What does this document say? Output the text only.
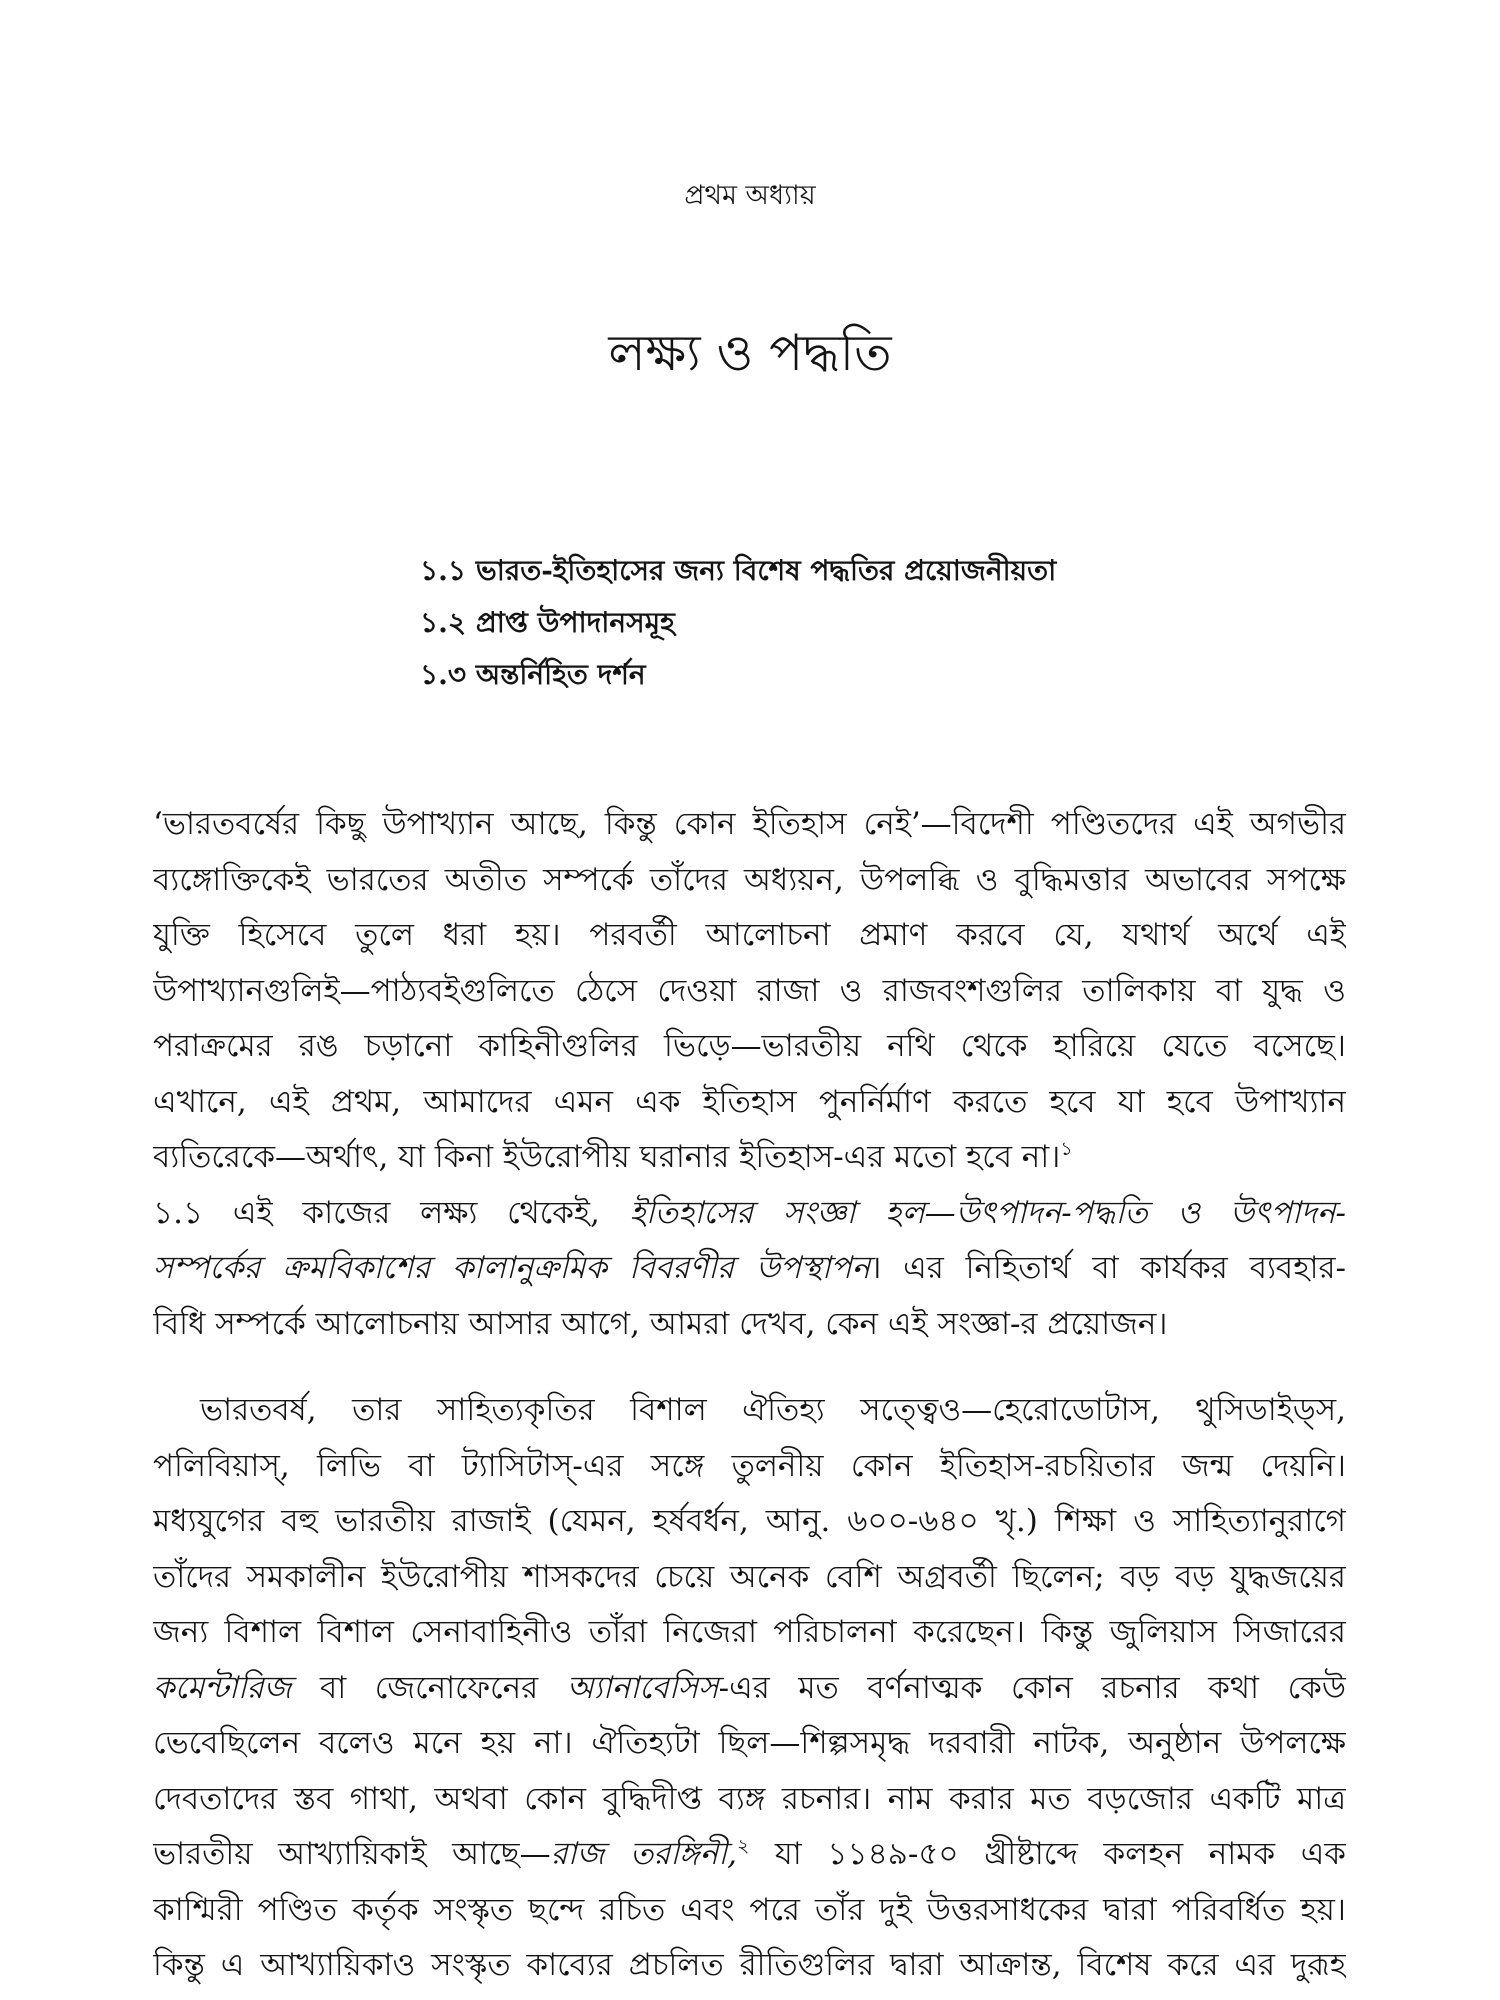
প্রথম অধ্যায়
লক্ষ্য ও পদ্ধতি
১.১ ভারত-ইতিহাসের জন্য বিশেষ পদ্ধতির প্রয়োজনীয়তা
১.২ প্রাপ্ত উপাদানসমূহ
১.৩ অন্তর্নিহিত দর্শন
‘ভারতবর্ষের কিছু উপাখ্যান আছে, কিন্তু কোন ইতিহাস নেই’—বিদেশী পণ্ডিতদের এই অগভীর
ব্যঙ্গোক্তিকেই ভারতের অতীত সম্পর্কে তাঁদের অধ্যয়ন, উপলব্ধি ও বুদ্ধিমত্তার অভাবের সপক্ষে
যুক্তি হিসেবে তুলে ধরা হয়। পরবর্তী আলোচনা প্রমাণ করবে যে, যথার্থ অর্থে এই
উপাখ্যানগুলিই—পাঠ্যবইগুলিতে ঠেসে দেওয়া রাজা ও রাজবংশগুলির তালিকায় বা যুদ্ধ ও
পরাক্রমের রঙ চড়ানো কাহিনীগুলির ভিড়ে—ভারতীয় নথি থেকে হারিয়ে যেতে বসেছে।
এখানে, এই প্রথম, আমাদের এমন এক ইতিহাস পুনর্নির্মাণ করতে হবে যা হবে উপাখ্যান
ব্যতিরেকে—অর্থাৎ, যা কিনা ইউরোপীয় ঘরানার ইতিহাস-এর মতো হবে না।$^১$
১.১ এই কাজের লক্ষ্য থেকেই, ইতিহাসের সংজ্ঞা হল—উৎপাদন-পদ্ধতি ও উৎপাদন-
সম্পর্কের ক্রমবিকাশের কালানুক্রমিক বিবরণীর উপস্থাপন। এর নিহিতার্থ বা কার্যকর ব্যবহার-
বিধি সম্পর্কে আলোচনায় আসার আগে, আমরা দেখব, কেন এই সংজ্ঞা-র প্রয়োজন।
ভারতবর্ষ, তার সাহিত্যকৃতির বিশাল ঐতিহ্য সত্ত্বেও—হেরোডোটাস, থুসিডাইড্স,
পলিবিয়াস্, লিভি বা ট্যাসিটাস্-এর সঙ্গে তুলনীয় কোন ইতিহাস-রচয়িতার জন্ম দেয়নি।
মধ্যযুগের বহু ভারতীয় রাজাই (যেমন, হর্ষবর্ধন, আনু. ৬০০-৬৪০ খৃ.) শিক্ষা ও সাহিত্যানুরাগে
তাঁদের সমকালীন ইউরোপীয় শাসকদের চেয়ে অনেক বেশি অগ্রবর্তী ছিলেন; বড় বড় যুদ্ধজয়ের
জন্য বিশাল বিশাল সেনাবাহিনীও তাঁরা নিজেরা পরিচালনা করেছেন। কিন্তু জুলিয়াস সিজারের
কমেন্টারিজ বা জেনোফেনের অ্যানাবেসিস-এর মত বর্ণনাত্মক কোন রচনার কথা কেউ
ভেবেছিলেন বলেও মনে হয় না। ঐতিহ্যটা ছিল—শিল্পসমৃদ্ধ দরবারী নাটক, অনুষ্ঠান উপলক্ষে
দেবতাদের স্তব গাথা, অথবা কোন বুদ্ধিদীপ্ত ব্যঙ্গ রচনার। নাম করার মত বড়জোর একটি মাত্র
ভারতীয় আখ্যায়িকাই আছে—রাজ তরঙ্গিনী,$^২$ যা ১১৪৯-৫০ খ্রীষ্টাব্দে কলহন নামক এক
কাশ্মিরী পণ্ডিত কর্তৃক সংস্কৃত ছন্দে রচিত এবং পরে তাঁর দুই উত্তরসাধকের দ্বারা পরিবর্ধিত হয়।
কিন্তু এ আখ্যায়িকাও সংস্কৃত কাব্যের প্রচলিত রীতিগুলির দ্বারা আক্রান্ত, বিশেষ করে এর দুরূহ
